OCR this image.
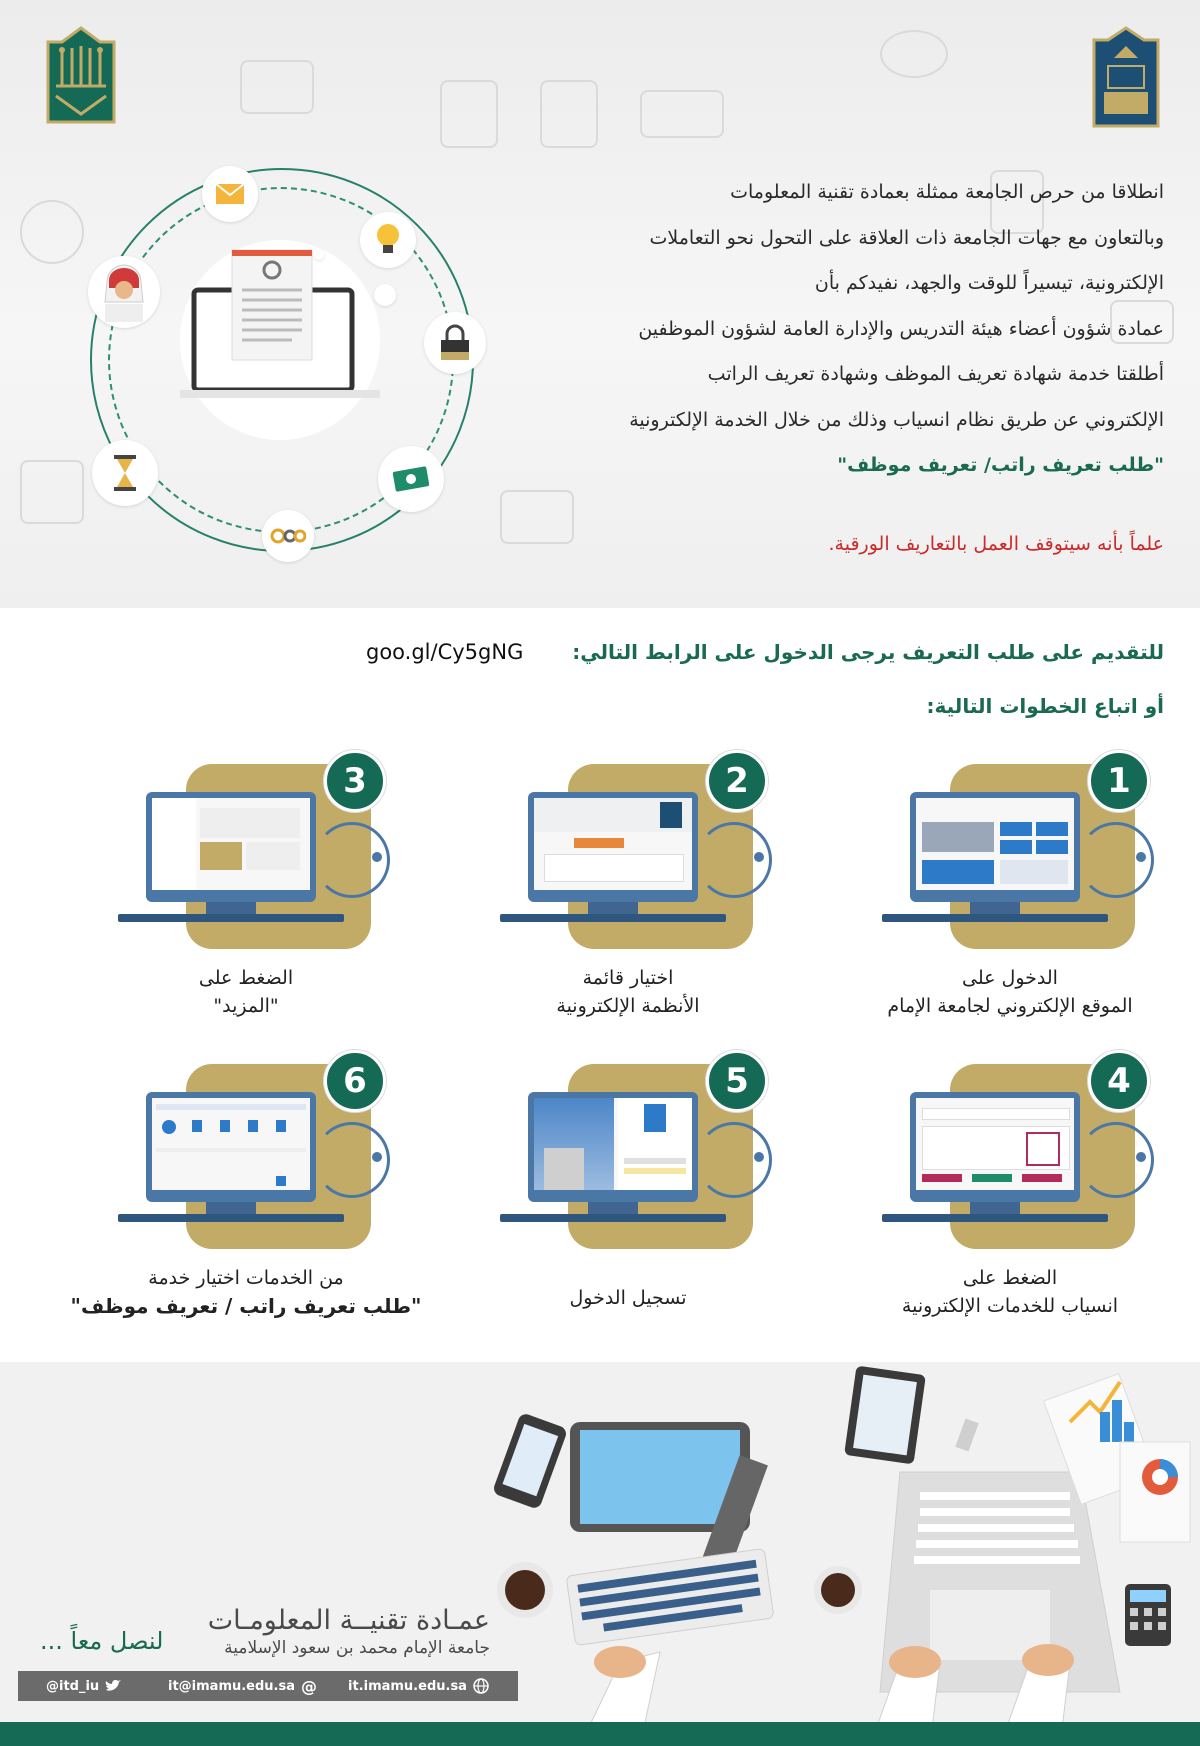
انطلاقا من حرص الجامعة ممثلة بعمادة تقنية المعلومات
وبالتعاون مع جهات الجامعة ذات العلاقة على التحول نحو التعاملات
الإلكترونية، تيسيراً للوقت والجهد، نفيدكم بأن
عمادة شؤون أعضاء هيئة التدريس والإدارة العامة لشؤون الموظفين
أطلقتا خدمة شهادة تعريف الموظف وشهادة تعريف الراتب
الإلكتروني عن طريق نظام انسياب وذلك من خلال الخدمة الإلكترونية
"طلب تعريف راتب/ تعريف موظف"
علماً بأنه سيتوقف العمل بالتعاريف الورقية.
للتقديم على طلب التعريف يرجى الدخول على الرابط التالي:
goo.gl/Cy5gNG
أو اتباع الخطوات التالية:
1
الدخول على
الموقع الإلكتروني لجامعة الإمام
2
اختيار قائمة
الأنظمة الإلكترونية
3
الضغط على
"المزيد"
4
الضغط على
انسياب للخدمات الإلكترونية
5
تسجيل الدخول
6
من الخدمات اختيار خدمة
"طلب تعريف راتب / تعريف موظف"
عمـادة تقنيــة المعلومـات
جامعة الإمام محمد بن سعود الإسلامية
لنصل معاً ...
@itd_iu	it@imamu.edu.sa @ it.imamu.edu.sa
